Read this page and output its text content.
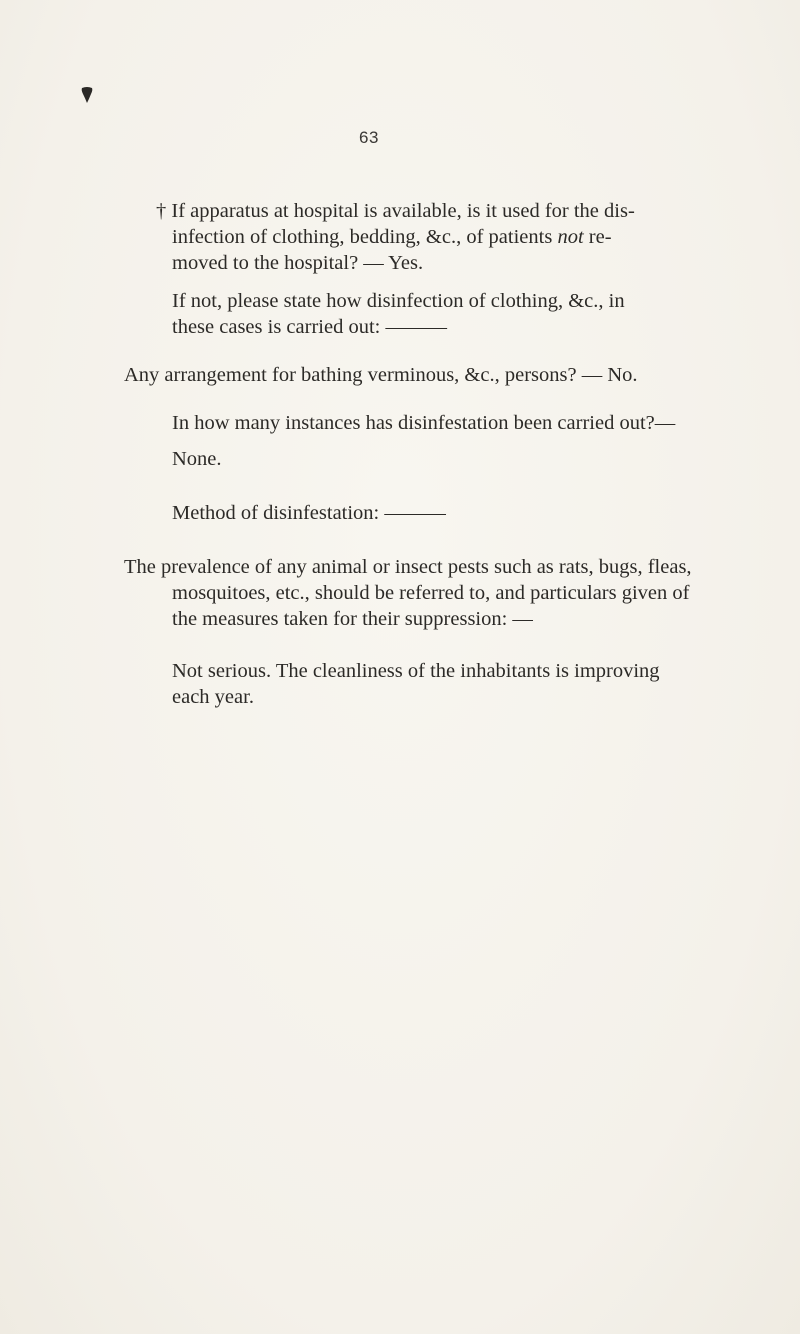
63

† If apparatus at hospital is available, is it used for the dis-
infection of clothing, bedding, &c., of patients not re-
moved to the hospital? — Yes.

If not, please state how disinfection of clothing, &c., in
these cases is carried out: ———

Any arrangement for bathing verminous, &c., persons? — No.

In how many instances has disinfestation been carried out?—

None.

Method of disinfestation: ———

The prevalence of any animal or insect pests such as rats, bugs, fleas,
mosquitoes, etc., should be referred to, and particulars given of
the measures taken for their suppression: —

Not serious. The cleanliness of the inhabitants is improving
each year.
